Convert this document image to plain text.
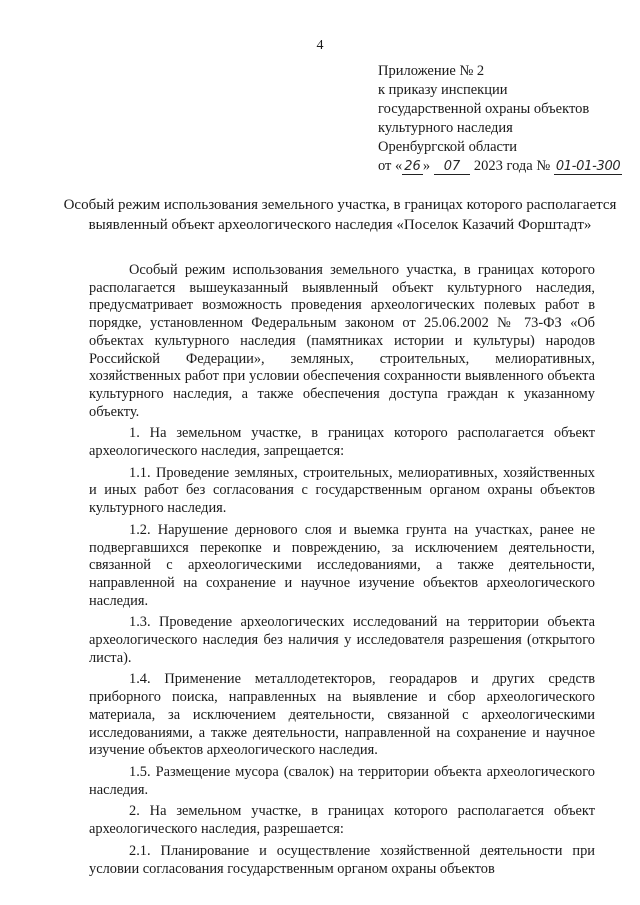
4
Приложение № 2
к приказу инспекции
государственной охраны объектов
культурного наследия
Оренбургской области
от « 26 » 07 2023 года № 01-01-300
Особый режим использования земельного участка, в границах которого располагается выявленный объект археологического наследия «Поселок Казачий Форштадт»

Особый режим использования земельного участка, в границах которого располагается вышеуказанный выявленный объект культурного наследия, предусматривает возможность проведения археологических полевых работ в порядке, установленном Федеральным законом от 25.06.2002 № 73-ФЗ «Об объектах культурного наследия (памятниках истории и культуры) народов Российской Федерации», земляных, строительных, мелиоративных, хозяйственных работ при условии обеспечения сохранности выявленного объекта культурного наследия, а также обеспечения доступа граждан к указанному объекту.

1. На земельном участке, в границах которого располагается объект археологического наследия, запрещается:

1.1. Проведение земляных, строительных, мелиоративных, хозяйственных и иных работ без согласования с государственным органом охраны объектов культурного наследия.

1.2. Нарушение дернового слоя и выемка грунта на участках, ранее не подвергавшихся перекопке и повреждению, за исключением деятельности, связанной с археологическими исследованиями, а также деятельности, направленной на сохранение и научное изучение объектов археологического наследия.

1.3. Проведение археологических исследований на территории объекта археологического наследия без наличия у исследователя разрешения (открытого листа).

1.4. Применение металлодетекторов, георадаров и других средств приборного поиска, направленных на выявление и сбор археологического материала, за исключением деятельности, связанной с археологическими исследованиями, а также деятельности, направленной на сохранение и научное изучение объектов археологического наследия.

1.5. Размещение мусора (свалок) на территории объекта археологического наследия.

2. На земельном участке, в границах которого располагается объект археологического наследия, разрешается:

2.1. Планирование и осуществление хозяйственной деятельности при условии согласования государственным органом охраны объектов
